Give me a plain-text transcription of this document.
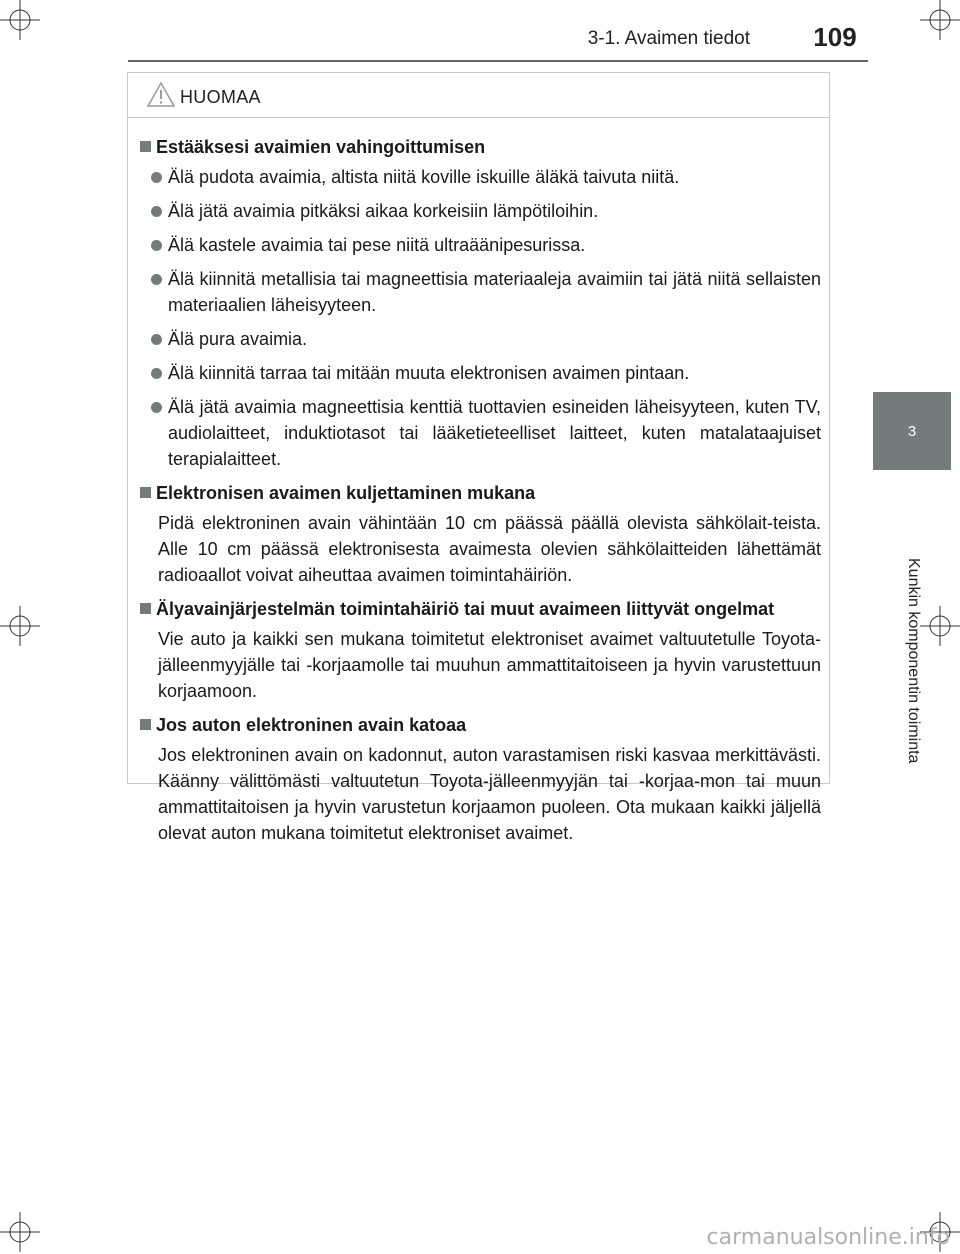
3-1. Avaimen tiedot	109
3
Kunkin komponentin toiminta
HUOMAA
Estääksesi avaimien vahingoittumisen
Älä pudota avaimia, altista niitä koville iskuille äläkä taivuta niitä.
Älä jätä avaimia pitkäksi aikaa korkeisiin lämpötiloihin.
Älä kastele avaimia tai pese niitä ultraäänipesurissa.
Älä kiinnitä metallisia tai magneettisia materiaaleja avaimiin tai jätä niitä sellaisten materiaalien läheisyyteen.
Älä pura avaimia.
Älä kiinnitä tarraa tai mitään muuta elektronisen avaimen pintaan.
Älä jätä avaimia magneettisia kenttiä tuottavien esineiden läheisyyteen, kuten TV, audiolaitteet, induktiotasot tai lääketieteelliset laitteet, kuten matalataajuiset terapialaitteet.
Elektronisen avaimen kuljettaminen mukana
Pidä elektroninen avain vähintään 10 cm päässä päällä olevista sähkölait-teista. Alle 10 cm päässä elektronisesta avaimesta olevien sähkölaitteiden lähettämät radioaallot voivat aiheuttaa avaimen toimintahäiriön.
Älyavainjärjestelmän toimintahäiriö tai muut avaimeen liittyvät ongelmat
Vie auto ja kaikki sen mukana toimitetut elektroniset avaimet valtuutetulle Toyota-jälleenmyyjälle tai -korjaamolle tai muuhun ammattitaitoiseen ja hyvin varustettuun korjaamoon.
Jos auton elektroninen avain katoaa
Jos elektroninen avain on kadonnut, auton varastamisen riski kasvaa merkittävästi. Käänny välittömästi valtuutetun Toyota-jälleenmyyjän tai -korjaa-mon tai muun ammattitaitoisen ja hyvin varustetun korjaamon puoleen. Ota mukaan kaikki jäljellä olevat auton mukana toimitetut elektroniset avaimet.
carmanualsonline.info
